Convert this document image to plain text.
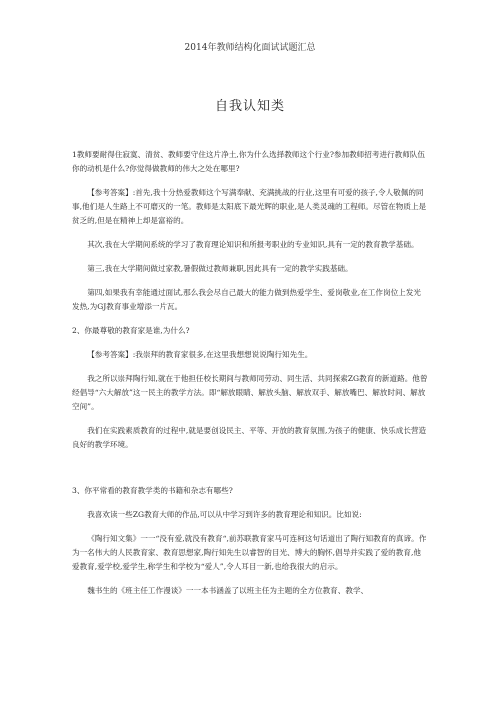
2014年教师结构化面试试题汇总
自我认知类

1教师要耐得住寂寞、清贫、教师要守住这片净土,你为什么选择教师这个行业?参加教师招考进行教师队伍你的动机是什么?你觉得做教师的伟大之处在哪里?

【参考答案】:首先,我十分热爱教师这个写满奉献、充满挑战的行业,这里有可爱的孩子,令人敬佩的同事,他们是人生路上不可磨灭的一笔。教师是太阳底下最光辉的职业,是人类灵魂的工程师。尽管在物质上是贫乏的,但是在精神上却是富裕的。

其次,我在大学期间系统的学习了教育理论知识和所报考职业的专业知识,具有一定的教育教学基础。

第三,我在大学期间做过家教,暑假做过教师兼职,因此具有一定的教学实践基础。

第四,如果我有幸能通过面试,那么我会尽自己最大的能力做到热爱学生、爱岗敬业,在工作岗位上发光发热,为GJ教育事业增添一片瓦。

2、你最尊敬的教育家是谁,为什么?

【参考答案】:我崇拜的教育家很多,在这里我想想说说陶行知先生。

我之所以崇拜陶行知,就在于他担任校长期间与教师同劳动、同生活、共同探索ZG教育的新道路。他曾经倡导“六大解放”这一民主的教学方法。即“解放眼睛、解放头脑、解放双手、解放嘴巴、解放时间、解放空间”。

我们在实践素质教育的过程中,就是要创设民主、平等、开放的教育氛围,为孩子的健康、快乐成长营造良好的教学环境。

3、你平常看的教育教学类的书籍和杂志有哪些?

我喜欢读一些ZG教育大师的作品,可以从中学习到许多的教育理论和知识。比如说:

《陶行知文集》一一“没有爱,就没有教育“,前苏联教育家马可连柯这句话道出了陶行知教育的真谛。作为一名伟大的人民教育家、教育思想家,陶行知先生以睿智的目光、博大的胸怀,倡导并实践了爱的教育,他爱教育,爱学校,爱学生,称学生和学校为“爱人”,令人耳目一新,也给我很大的启示。

魏书生的《班主任工作漫谈》一一本书涵盖了以班主任为主题的全方位教育、教学、
